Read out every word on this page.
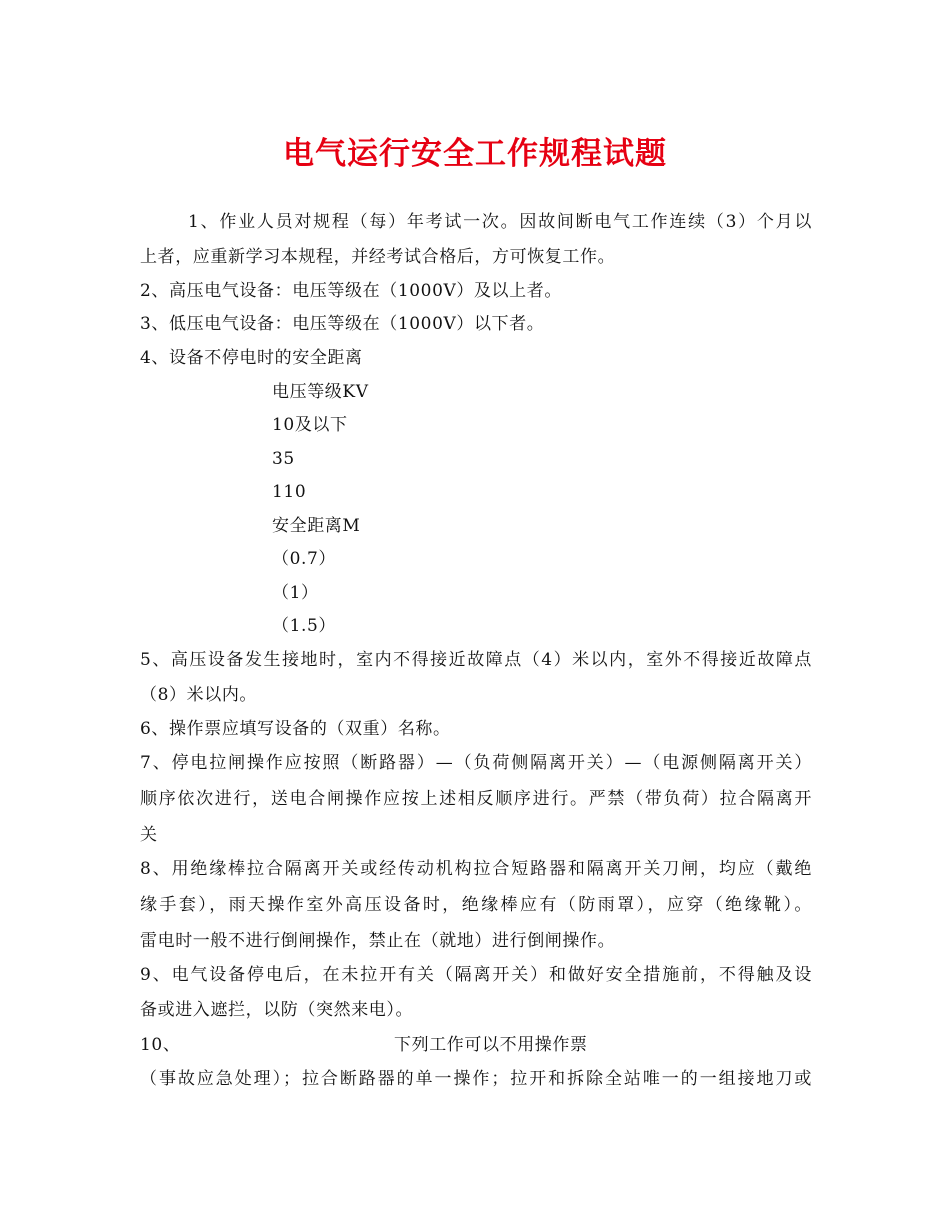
电气运行安全工作规程试题
1、作业人员对规程（每）年考试一次。因故间断电气工作连续（3）个月以
上者，应重新学习本规程，并经考试合格后，方可恢复工作。
2、高压电气设备：电压等级在（1000V）及以上者。
3、低压电气设备：电压等级在（1000V）以下者。
4、设备不停电时的安全距离
电压等级KV
10及以下
35
110
安全距离M
（0.7）
（1）
（1.5）
5、高压设备发生接地时，室内不得接近故障点（4）米以内，室外不得接近故障点
（8）米以内。
6、操作票应填写设备的（双重）名称。
7、停电拉闸操作应按照（断路器）—（负荷侧隔离开关）—（电源侧隔离开关）
顺序依次进行，送电合闸操作应按上述相反顺序进行。严禁（带负荷）拉合隔离开
关
8、用绝缘棒拉合隔离开关或经传动机构拉合短路器和隔离开关刀闸，均应（戴绝
缘手套），雨天操作室外高压设备时，绝缘棒应有（防雨罩），应穿（绝缘靴）。
雷电时一般不进行倒闸操作，禁止在（就地）进行倒闸操作。
9、电气设备停电后，在未拉开有关（隔离开关）和做好安全措施前，不得触及设
备或进入遮拦，以防（突然来电）。
10、	下列工作可以不用操作票
（事故应急处理）；拉合断路器的单一操作；拉开和拆除全站唯一的一组接地刀或
